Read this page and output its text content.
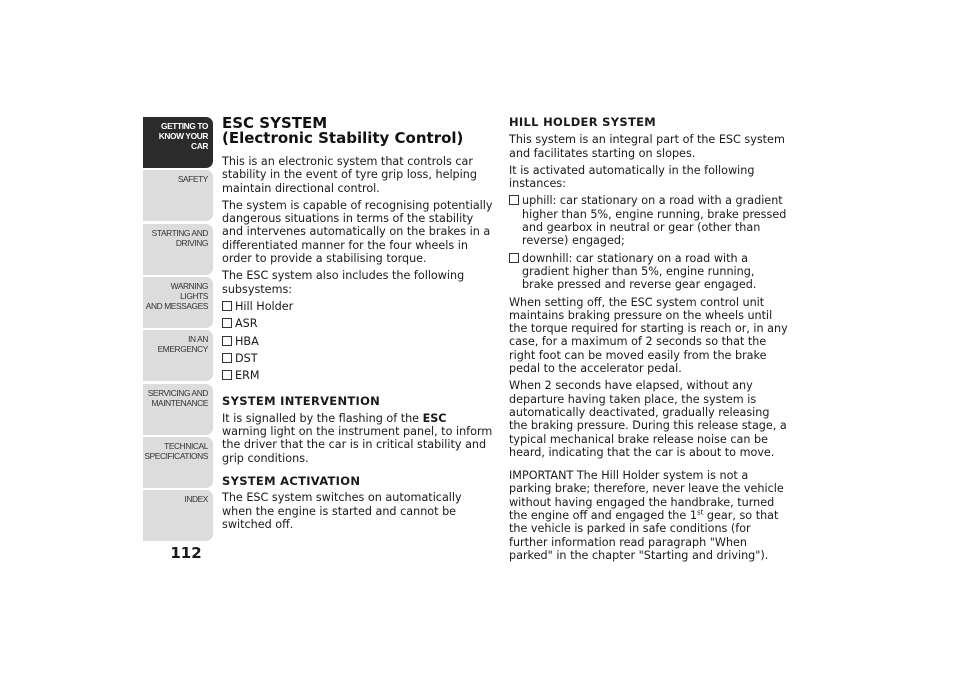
GETTING TO
KNOW YOUR CAR
SAFETY
STARTING AND
DRIVING
WARNING LIGHTS
AND MESSAGES
IN AN EMERGENCY
SERVICING AND
MAINTENANCE
TECHNICAL
SPECIFICATIONS
INDEX
112
ESC SYSTEM
(Electronic Stability Control)

This is an electronic system that controls car stability in the event of tyre grip loss, helping maintain directional control.

The system is capable of recognising potentially dangerous situations in terms of the stability and intervenes automatically on the brakes in a differentiated manner for the four wheels in order to provide a stabilising torque.

The ESC system also includes the following subsystems:

Hill Holder
ASR
HBA
DST
ERM
SYSTEM INTERVENTION

It is signalled by the flashing of the ESC warning light on the instrument panel, to inform the driver that the car is in critical stability and grip conditions.

SYSTEM ACTIVATION

The ESC system switches on automatically when the engine is started and cannot be switched off.

HILL HOLDER SYSTEM

This system is an integral part of the ESC system and facilitates starting on slopes.

It is activated automatically in the following instances:

uphill: car stationary on a road with a gradient higher than 5%, engine running, brake pressed and gearbox in neutral or gear (other than reverse) engaged;
downhill: car stationary on a road with a gradient higher than 5%, engine running, brake pressed and reverse gear engaged.

When setting off, the ESC system control unit maintains braking pressure on the wheels until the torque required for starting is reach or, in any case, for a maximum of 2 seconds so that the right foot can be moved easily from the brake pedal to the accelerator pedal.

When 2 seconds have elapsed, without any departure having taken place, the system is automatically deactivated, gradually releasing the braking pressure. During this release stage, a typical mechanical brake release noise can be heard, indicating that the car is about to move.

IMPORTANT The Hill Holder system is not a parking brake; therefore, never leave the vehicle without having engaged the handbrake, turned the engine off and engaged the 1st gear, so that the vehicle is parked in safe conditions (for further information read paragraph "When parked" in the chapter "Starting and driving").
